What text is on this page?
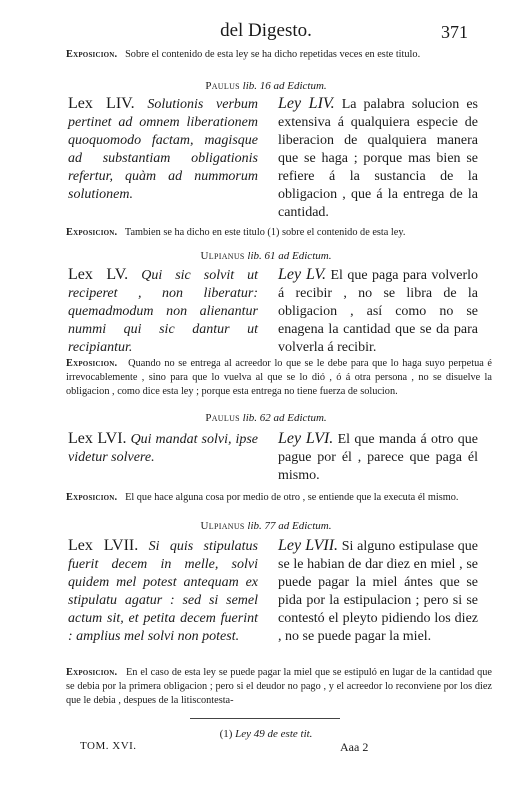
del Digesto.	371
Exposicion. Sobre el contenido de esta ley se ha dicho repetidas veces en este titulo.
Paulus lib. 16 ad Edictum.
Lex LIV. Solutionis verbum pertinet ad omnem liberationem quoquomodo factam, magisque ad substantiam obligationis refertur, quàm ad nummorum solutionem.
Ley LIV. La palabra solucion es extensiva á qualquiera especie de liberacion de qualquiera manera que se haga ; porque mas bien se refiere á la sustancia de la obligacion , que á la entrega de la cantidad.
Exposicion. Tambien se ha dicho en este titulo (1) sobre el contenido de esta ley.
Ulpianus lib. 61 ad Edictum.
Lex LV. Qui sic solvit ut reciperet , non liberatur: quemadmodum non alienantur nummi qui sic dantur ut recipiantur.
Ley LV. El que paga para volverlo á recibir , no se libra de la obligacion , así como no se enagena la cantidad que se da para volverla á recibir.
Exposicion. Quando no se entrega al acreedor lo que se le debe para que lo haga suyo perpetua é irrevocablemente , sino para que lo vuelva al que se lo dió , ó á otra persona , no se disuelve la obligacion , como dice esta ley ; porque esta entrega no tiene fuerza de solucion.
Paulus lib. 62 ad Edictum.
Lex LVI. Qui mandat solvi, ipse videtur solvere.
Ley LVI. El que manda á otro que pague por él , parece que paga él mismo.
Exposicion. El que hace alguna cosa por medio de otro , se entiende que la executa él mismo.
Ulpianus lib. 77 ad Edictum.
Lex LVII. Si quis stipulatus fuerit decem in melle, solvi quidem mel potest antequam ex stipulatu agatur : sed si semel actum sit, et petita decem fuerint : amplius mel solvi non potest.
Ley LVII. Si alguno estipulase que se le habian de dar diez en miel , se puede pagar la miel ántes que se pida por la estipulacion ; pero si se contestó el pleyto pidiendo los diez , no se puede pagar la miel.
Exposicion. En el caso de esta ley se puede pagar la miel que se estipuló en lugar de la cantidad que se debia por la primera obligacion ; pero si el deudor no pago , y el acreedor lo reconviene por los diez que le debia , despues de la litiscontesta-
(1) Ley 49 de este tit.
TOM. XVI.	Aaa 2
